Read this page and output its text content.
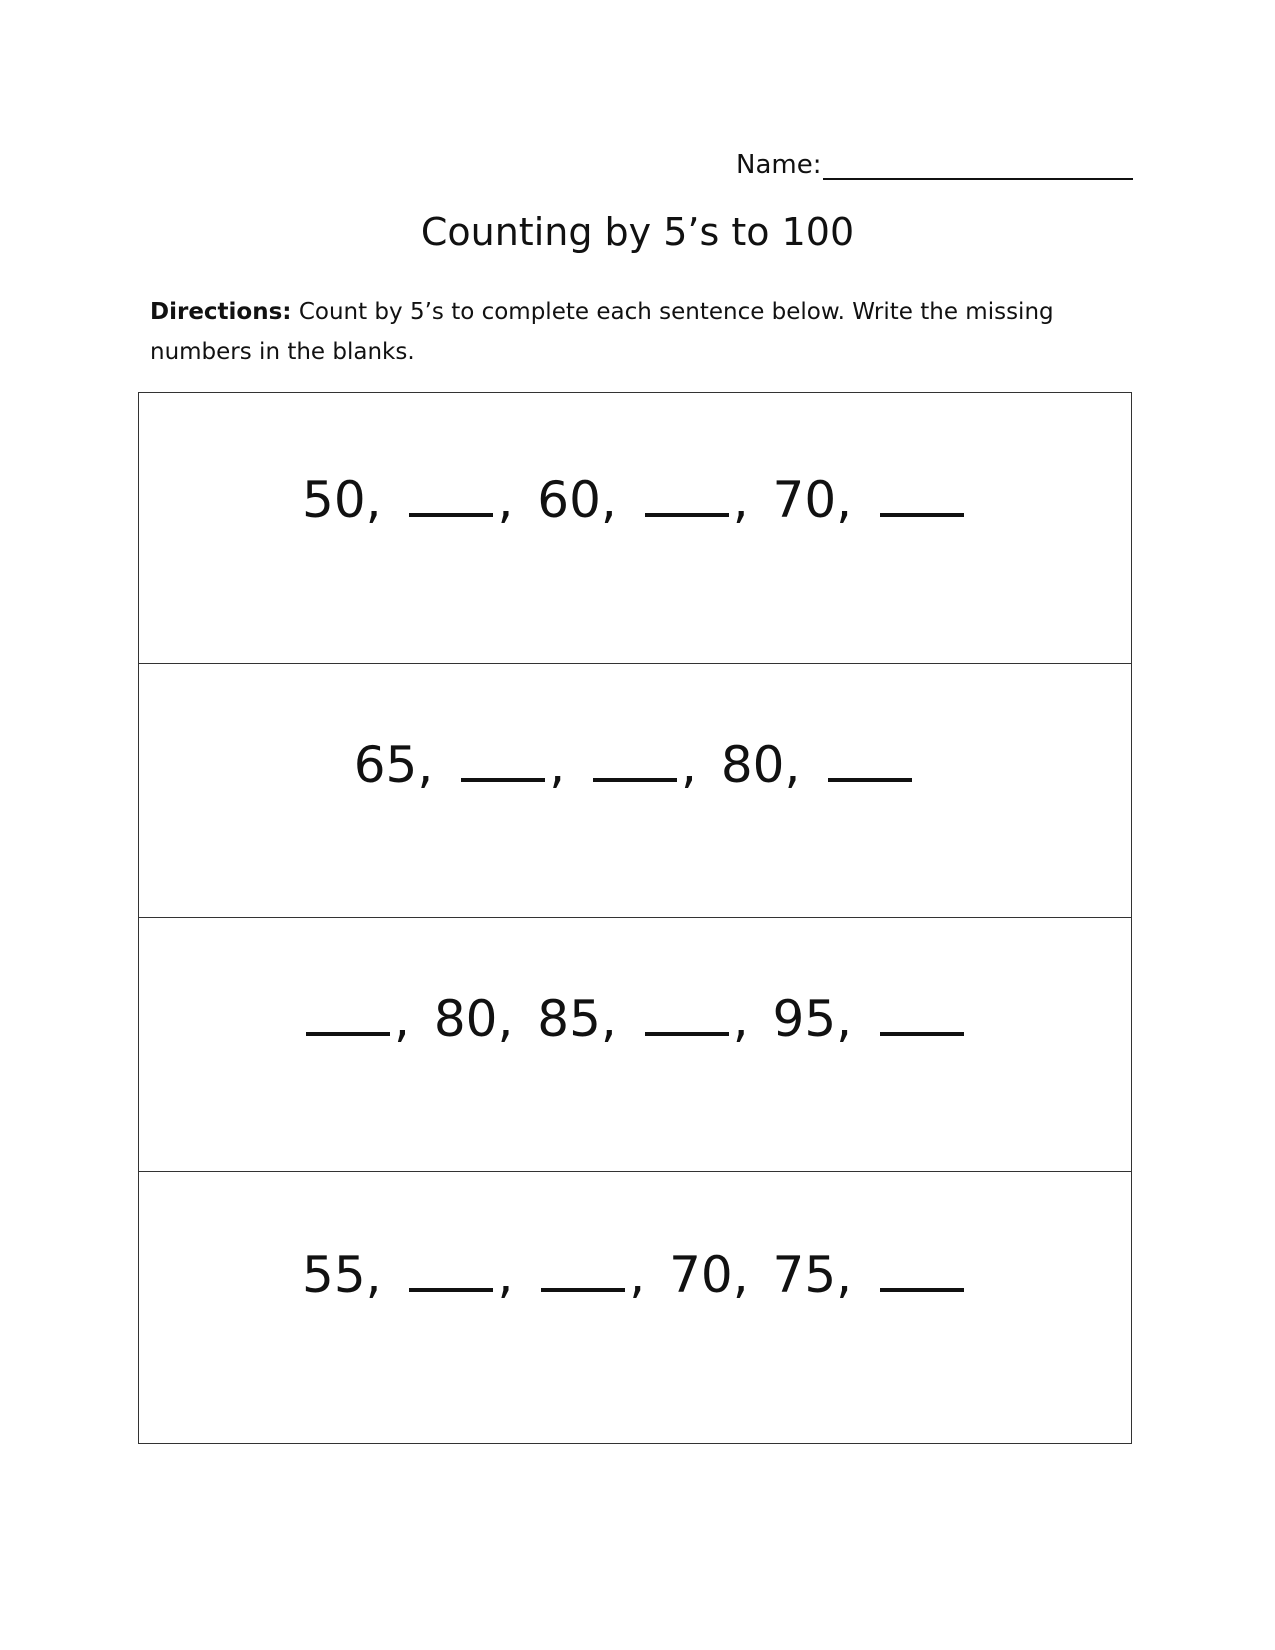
Name:
Counting by 5’s to 100
Directions: Count by 5’s to complete each sentence below. Write the missing numbers in the blanks.
50, , 60, , 70,
65, , , 80,
, 80, 85, , 95,
55, , , 70, 75,
